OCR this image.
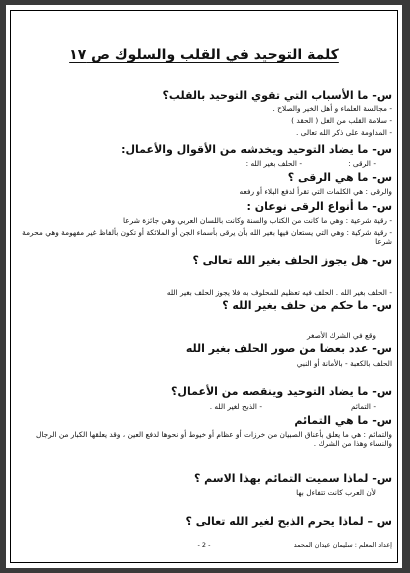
كلمة التوحيد في القلب والسلوك ص ١٧
س- ما الأسباب التي تقوي التوحيد بالقلب؟
- مجالسة العلماء و أهل الخير والصلاح .
- سلامة القلب من الغل ( الحقد )
- المداومة على ذكر الله تعالى .
س- ما يضاد التوحيد ويخدشه من الأقوال والأعمال:
- الرقى :
- الحلف بغير الله :
س- ما هي الرقى ؟
والرقى : هي الكلمات التي تقرأ لدفع البلاء أو رفعه
س- ما أنواع الرقى نوعان :
- رقية شرعية : وهي ما كانت من الكتاب والسنة وكانت باللسان العربي وهي جائزة شرعا
- رقية شركية : وهي التي يستعان فيها بغير الله بأن يرقى بأسماء الجن أو الملائكة أو تكون بألفاظ غير مفهومة وهي محرمة شرعا
س- هل يجوز الحلف بغير الله تعالى ؟
- الحلف بغير الله . الحلف فيه تعظيم للمحلوف به فلا يجوز الحلف بغير الله
س- ما حكم من حلف بغير الله ؟
وقع في الشرك الأصغر
س- عدد بعضا من صور الحلف بغير الله
الحلف بالكعبة - بالأمانة أو النبي
س- ما يضاد التوحيد وينقصه من الأعمال؟
- التمائم
- الذبح لغير الله .
س- ما هي التمائم
والتمائم : هي ما يعلق بأعناق الصبيان من خرزات أو عظام أو خيوط أو نحوها لدفع العين ، وقد يعلقها الكبار من الرجال والنساء وهذا من الشرك .
س- لماذا سميت التمائم بهذا الاسم ؟
لأن العرب كانت تتفاءل بها
س – لماذا يحرم الذبح لغير الله تعالى ؟
إعداد المعلم : سليمان عيدان المحمد
- 2 -
